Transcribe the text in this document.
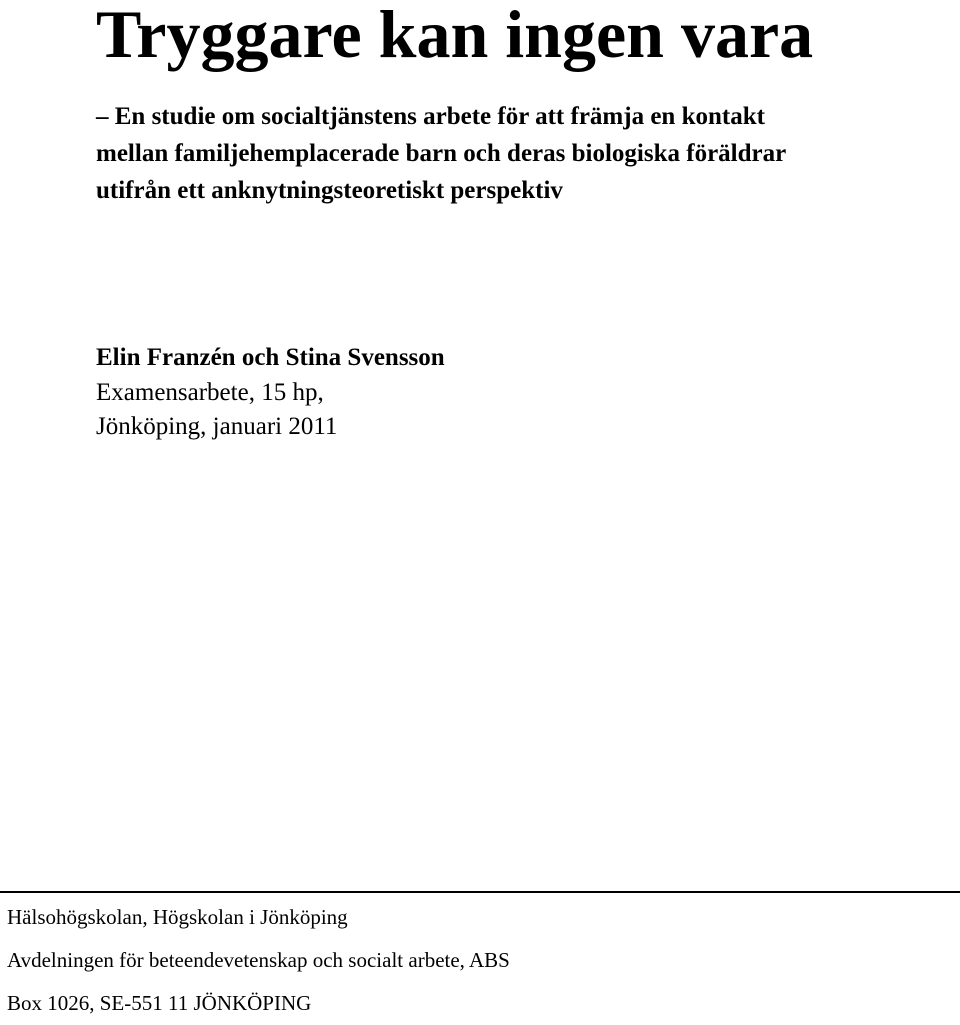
Tryggare kan ingen vara
– En studie om socialtjänstens arbete för att främja en kontakt
mellan familjehemplacerade barn och deras biologiska föräldrar
utifrån ett anknytningsteoretiskt perspektiv
Elin Franzén och Stina Svensson
Examensarbete, 15 hp,
Jönköping, januari 2011
Hälsohögskolan, Högskolan i Jönköping
Avdelningen för beteendevetenskap och socialt arbete, ABS
Box 1026, SE-551 11 JÖNKÖPING
